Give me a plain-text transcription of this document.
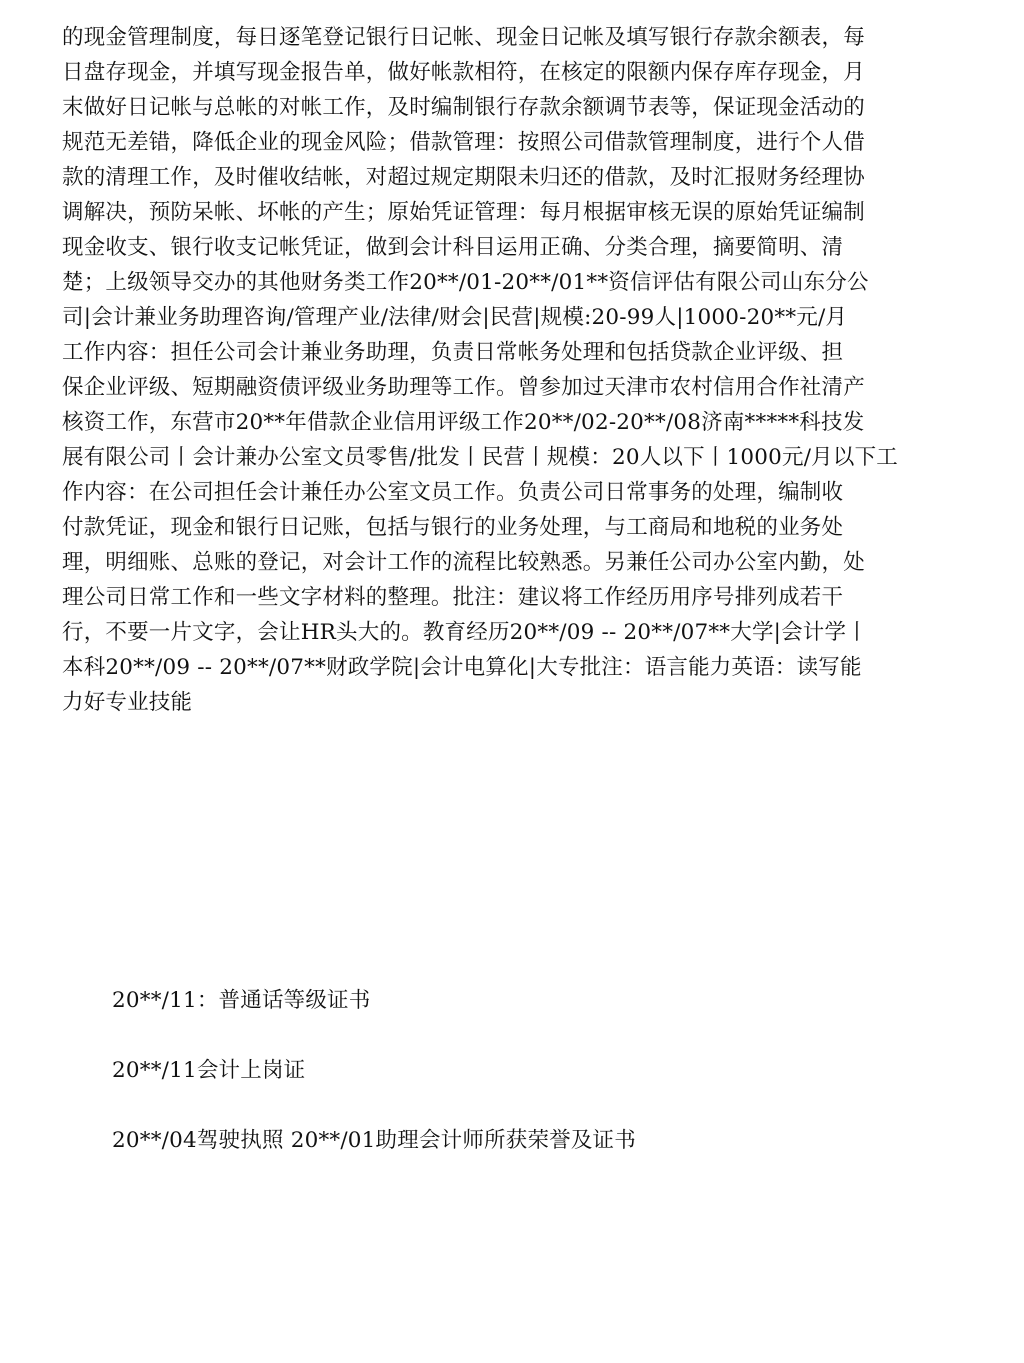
的现金管理制度，每日逐笔登记银行日记帐、现金日记帐及填写银行存款余额表，每
日盘存现金，并填写现金报告单，做好帐款相符，在核定的限额内保存库存现金，月
末做好日记帐与总帐的对帐工作，及时编制银行存款余额调节表等，保证现金活动的
规范无差错，降低企业的现金风险；借款管理：按照公司借款管理制度，进行个人借
款的清理工作，及时催收结帐，对超过规定期限未归还的借款，及时汇报财务经理协
调解决，预防呆帐、坏帐的产生；原始凭证管理：每月根据审核无误的原始凭证编制
现金收支、银行收支记帐凭证，做到会计科目运用正确、分类合理，摘要简明、清
楚；上级领导交办的其他财务类工作20**/01-20**/01**资信评估有限公司山东分公
司|会计兼业务助理咨询/管理产业/法律/财会|民营|规模:20-99人|1000-20**元/月
工作内容：担任公司会计兼业务助理，负责日常帐务处理和包括贷款企业评级、担
保企业评级、短期融资债评级业务助理等工作。曾参加过天津市农村信用合作社清产
核资工作，东营市20**年借款企业信用评级工作20**/02-20**/08济南*****科技发
展有限公司丨会计兼办公室文员零售/批发丨民营丨规模：20人以下丨1000元/月以下工
作内容：在公司担任会计兼任办公室文员工作。负责公司日常事务的处理，编制收
付款凭证，现金和银行日记账，包括与银行的业务处理，与工商局和地税的业务处
理，明细账、总账的登记，对会计工作的流程比较熟悉。另兼任公司办公室内勤，处
理公司日常工作和一些文字材料的整理。批注：建议将工作经历用序号排列成若干
行，不要一片文字，会让HR头大的。教育经历20**/09 -- 20**/07**大学|会计学丨
本科20**/09 -- 20**/07**财政学院|会计电算化|大专批注：语言能力英语：读写能
力好专业技能
20**/11：普通话等级证书
20**/11会计上岗证
20**/04驾驶执照 20**/01助理会计师所获荣誉及证书
